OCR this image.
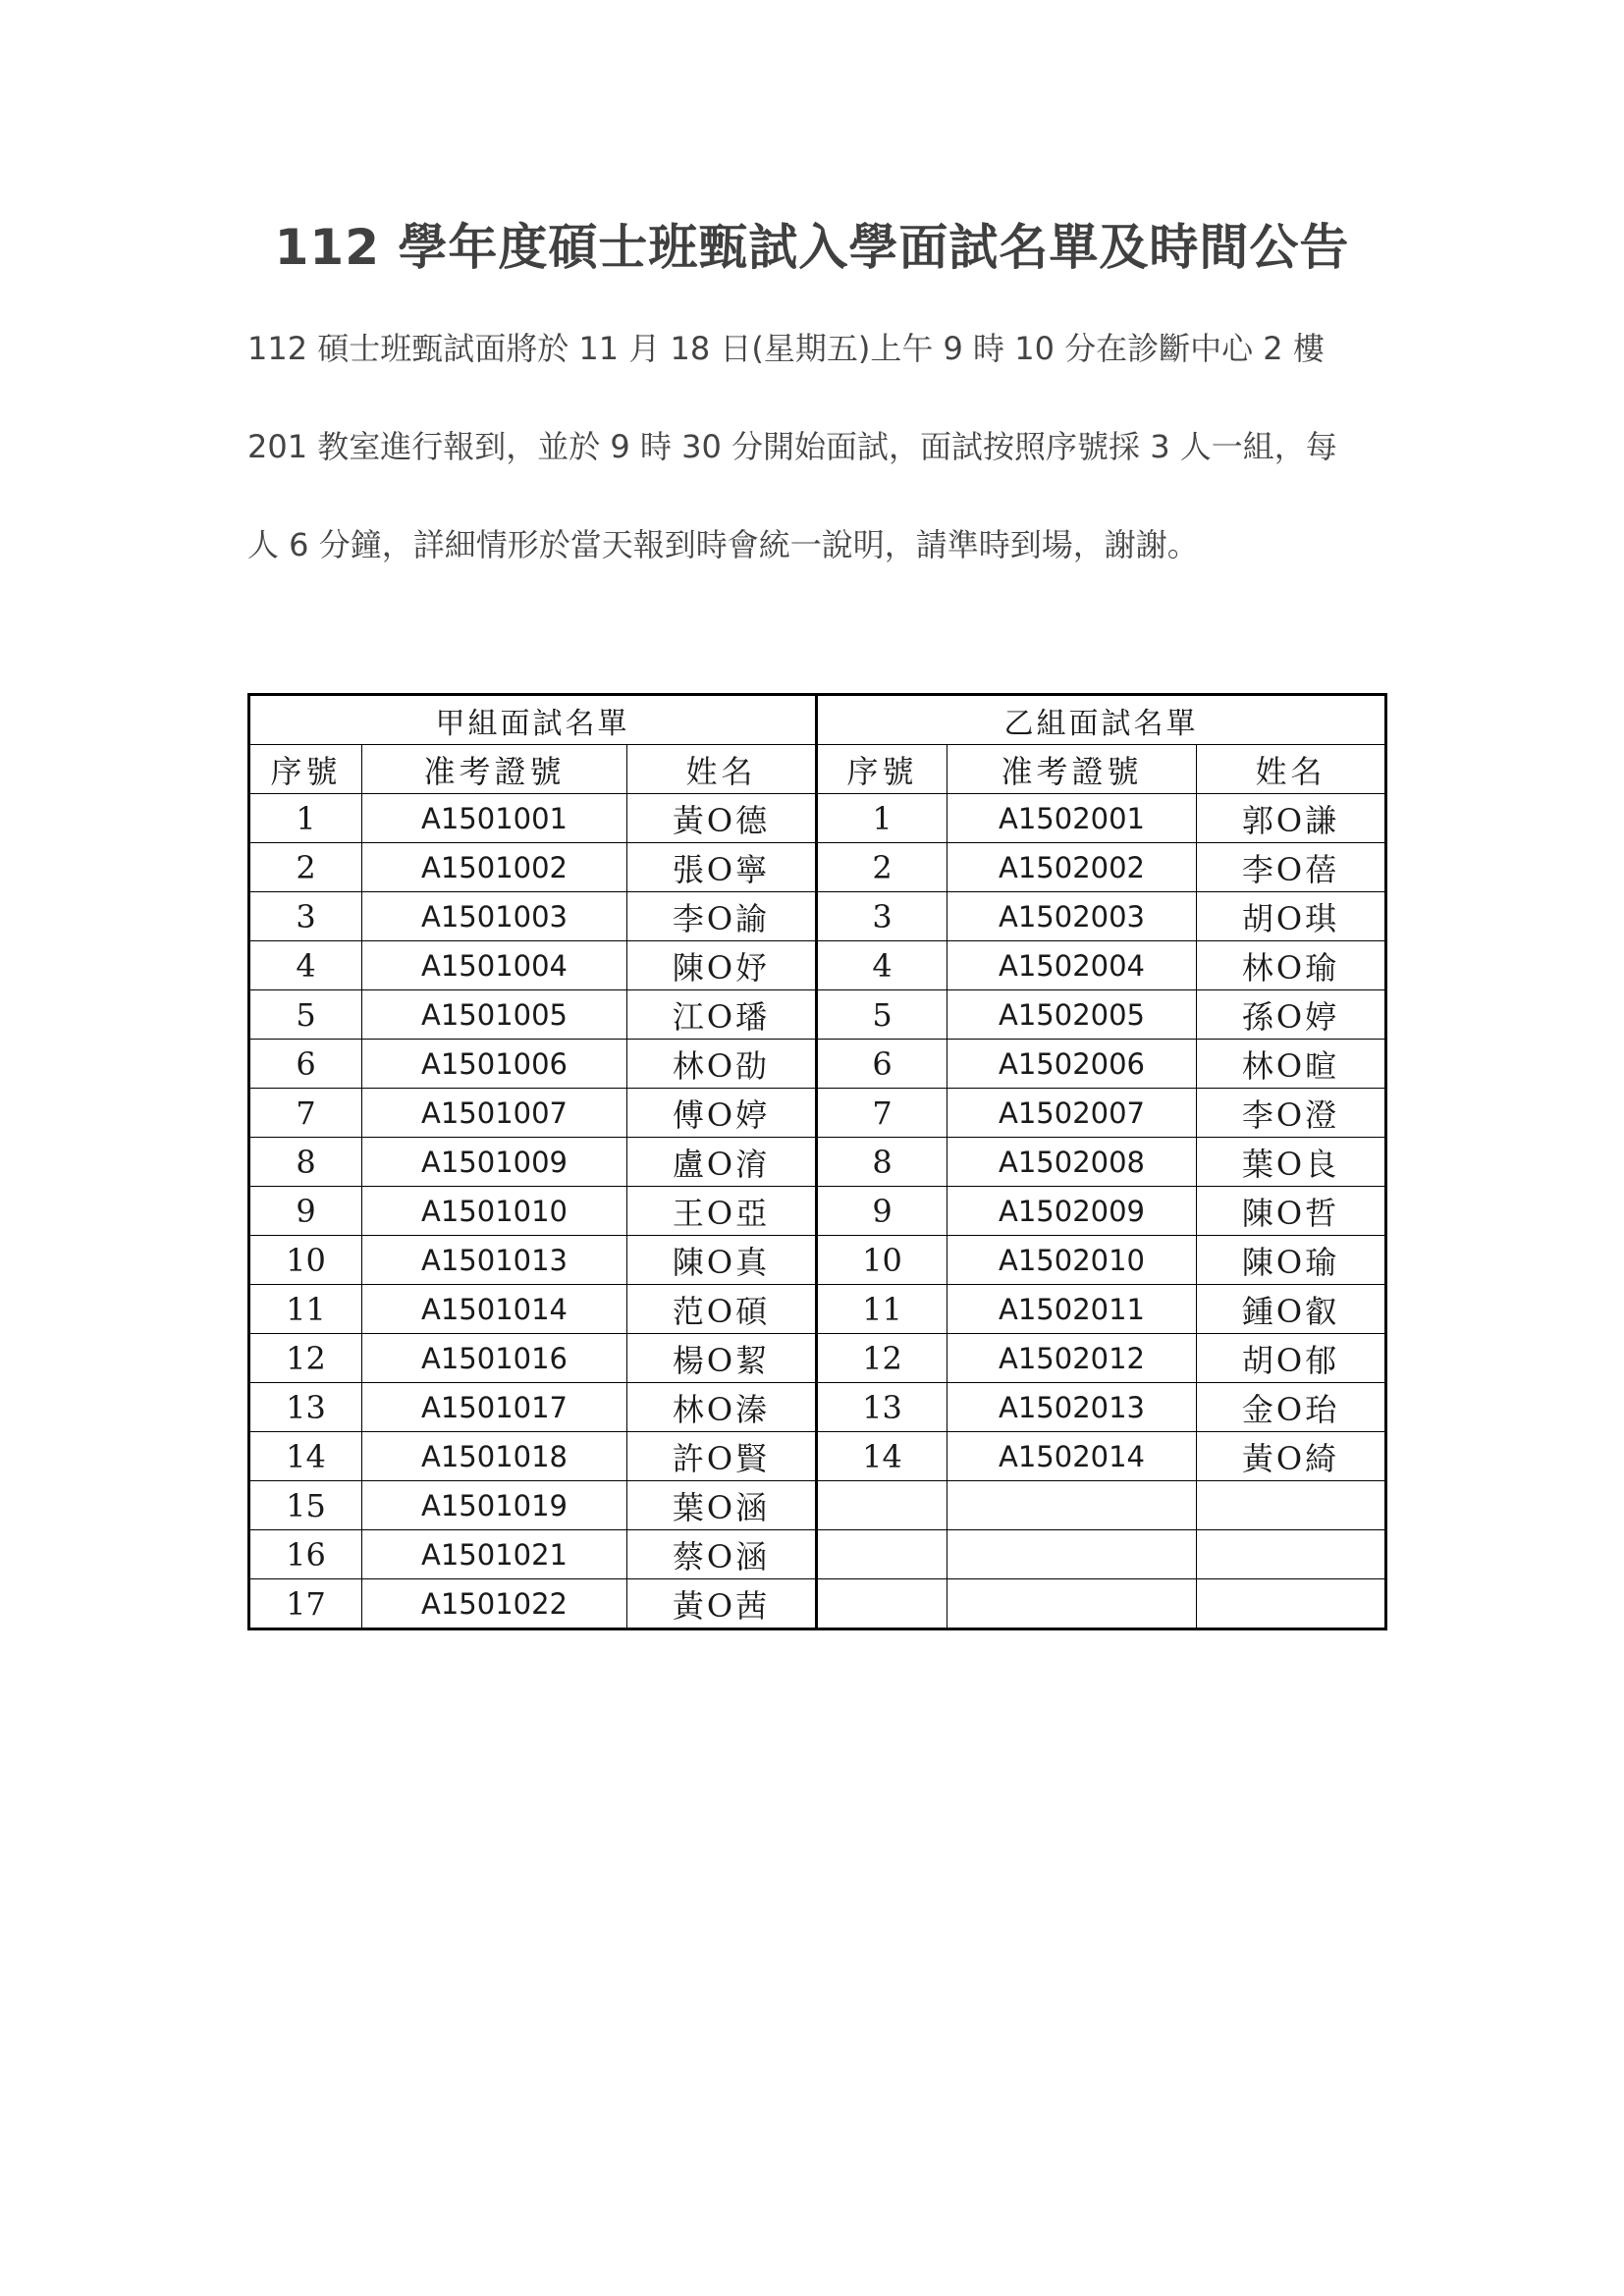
112 學年度碩士班甄試入學面試名單及時間公告
112 碩士班甄試面將於 11 月 18 日(星期五)上午 9 時 10 分在診斷中心 2 樓
201 教室進行報到，並於 9 時 30 分開始面試，面試按照序號採 3 人一組，每
人 6 分鐘，詳細情形於當天報到時會統一說明，請準時到場，謝謝。
甲組面試名單			乙組面試名單		
序號	准考證號	姓名	序號	准考證號	姓名
1	A1501001	黃O德	1	A1502001	郭O謙
2	A1501002	張O寧	2	A1502002	李O蓓
3	A1501003	李O諭	3	A1502003	胡O琪
4	A1501004	陳O妤	4	A1502004	林O瑜
5	A1501005	江O璠	5	A1502005	孫O婷
6	A1501006	林O劭	6	A1502006	林O暄
7	A1501007	傅O婷	7	A1502007	李O澄
8	A1501009	盧O淯	8	A1502008	葉O良
9	A1501010	王O亞	9	A1502009	陳O哲
10	A1501013	陳O真	10	A1502010	陳O瑜
11	A1501014	范O碩	11	A1502011	鍾O叡
12	A1501016	楊O絜	12	A1502012	胡O郁
13	A1501017	林O溱	13	A1502013	金O珆
14	A1501018	許O賢	14	A1502014	黃O綺
15	A1501019	葉O涵			
16	A1501021	蔡O涵			
17	A1501022	黃O茜			
